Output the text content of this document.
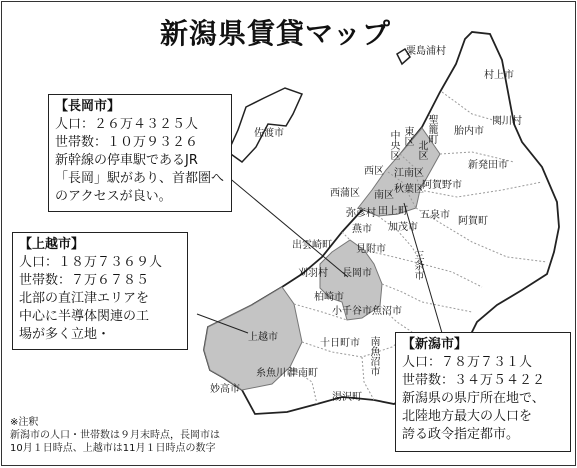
新潟県賃貸マップ
粟島浦村
村上市
佐渡市	東区
中央区
聖籠町
北区
胎内市
関川村
新発田市
西区 江南区
阿賀野市
西蒲区 南区
秋葉区
弥彦村 田上町 五泉市
阿賀町
燕市 加茂市
出雲崎町 見附市
三条市
刈羽村 長岡市
柏崎市
小千谷市 魚沼市
上越市
十日町市 南魚沼市
糸魚川市
津南町
妙高市
湯沢町
【長岡市】
人口：２６万４３２５人
世帯数：１０万９３２６
新幹線の停車駅であるJR
「長岡」駅があり、首都圏へ
のアクセスが良い。
【上越市】
人口：１８万７３６９人
世帯数：７万６７８５
北部の直江津エリアを
中心に半導体関連の工
場が多く立地・
【新潟市】
人口：７８万７３１人
世帯数：３４万５４２２
新潟県の県庁所在地で、
北陸地方最大の人口を
誇る政令指定都市。
※注釈
新潟市の人口・世帯数は９月末時点，長岡市は
10月１日時点、上越市は11月１日時点の数字
